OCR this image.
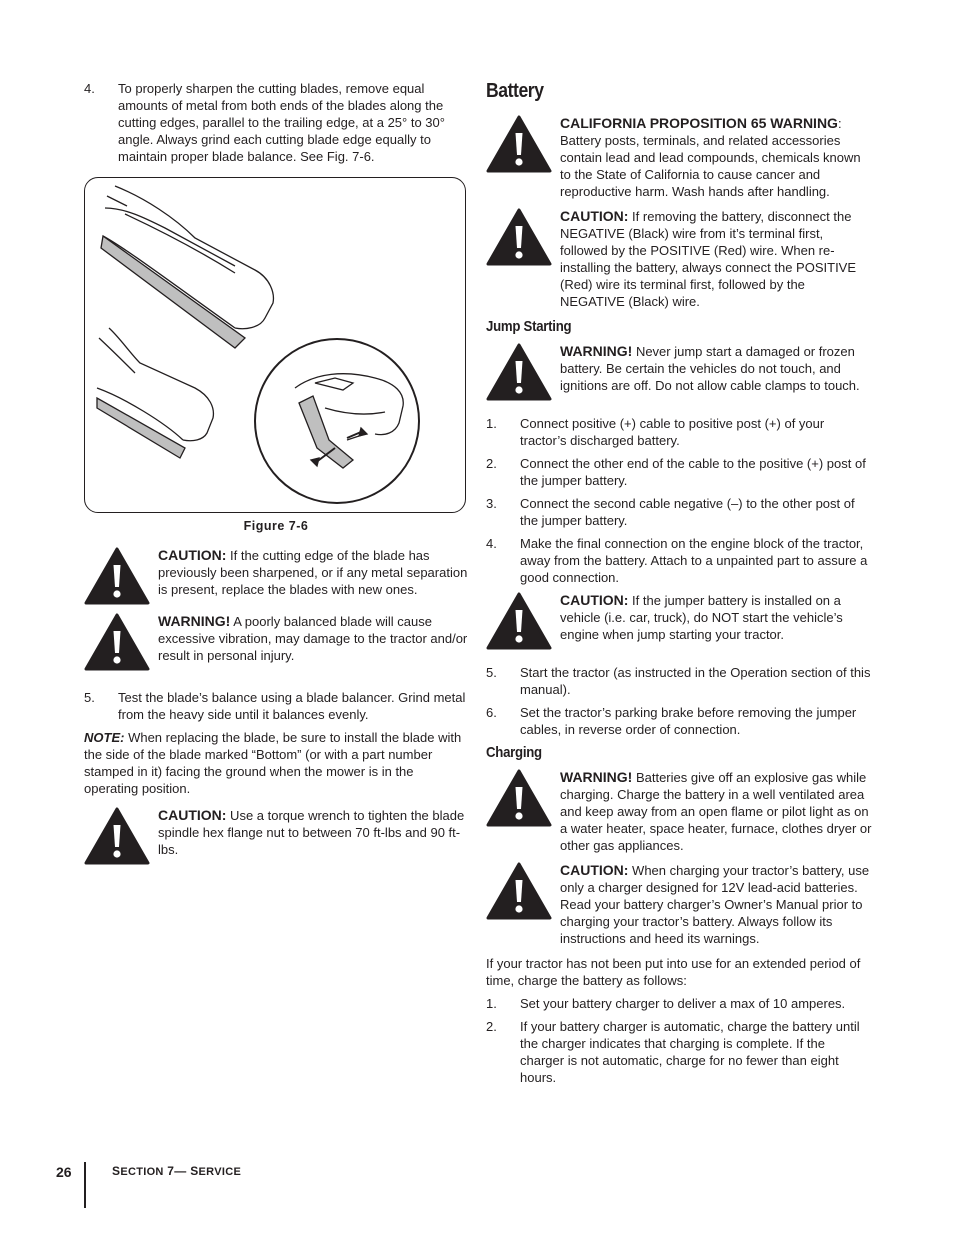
4.	To properly sharpen the cutting blades, remove equal amounts of metal from both ends of the blades along the cutting edges, parallel to the trailing edge, at a 25° to 30° angle. Always grind each cutting blade edge equally to maintain proper blade balance. See Fig. 7-6.
Figure 7-6
CAUTION: If the cutting edge of the blade has previously been sharpened, or if any metal separation is present, replace the blades with new ones.
WARNING! A poorly balanced blade will cause excessive vibration, may damage to the tractor and/or result in personal injury.
5.	Test the blade’s balance using a blade balancer. Grind metal from the heavy side until it balances evenly.

NOTE: When replacing the blade, be sure to install the blade with the side of the blade marked “Bottom” (or with a part number stamped in it) facing the ground when the mower is in the operating position.

CAUTION: Use a torque wrench to tighten the blade spindle hex flange nut to between 70 ft-lbs and 90 ft-lbs.
Battery
CALIFORNIA PROPOSITION 65 WARNING:
Battery posts, terminals, and related accessories contain lead and lead compounds, chemicals known to the State of California to cause cancer and reproductive harm. Wash hands after handling.
CAUTION: If removing the battery, disconnect the NEGATIVE (Black) wire from it’s terminal first, followed by the POSITIVE (Red) wire. When re-installing the battery, always connect the POSITIVE (Red) wire its terminal first, followed by the NEGATIVE (Black) wire.
Jump Starting
WARNING! Never jump start a damaged or frozen battery. Be certain the vehicles do not touch, and ignitions are off. Do not allow cable clamps to touch.
1.	Connect positive (+) cable to positive post (+) of your tractor’s discharged battery.
2.	Connect the other end of the cable to the positive (+) post of the jumper battery.
3.	Connect the second cable negative (–) to the other post of the jumper battery.
4.	Make the final connection on the engine block of the tractor, away from the battery. Attach to a unpainted part to assure a good connection.
CAUTION: If the jumper battery is installed on a vehicle (i.e. car, truck), do NOT start the vehicle’s engine when jump starting your tractor.
5.	Start the tractor (as instructed in the Operation section of this manual).
6.	Set the tractor’s parking brake before removing the jumper cables, in reverse order of connection.
Charging
WARNING! Batteries give off an explosive gas while charging. Charge the battery in a well ventilated area and keep away from an open flame or pilot light as on a water heater, space heater, furnace, clothes dryer or other gas appliances.
CAUTION: When charging your tractor’s battery, use only a charger designed for 12V lead-acid batteries. Read your battery charger’s Owner’s Manual prior to charging your tractor’s battery. Always follow its instructions and heed its warnings.

If your tractor has not been put into use for an extended period of time, charge the battery as follows:

1.	Set your battery charger to deliver a max of 10 amperes.
2.	If your battery charger is automatic, charge the battery until the charger indicates that charging is complete. If the charger is not automatic, charge for no fewer than eight hours.
26	SECTION 7— SERVICE
